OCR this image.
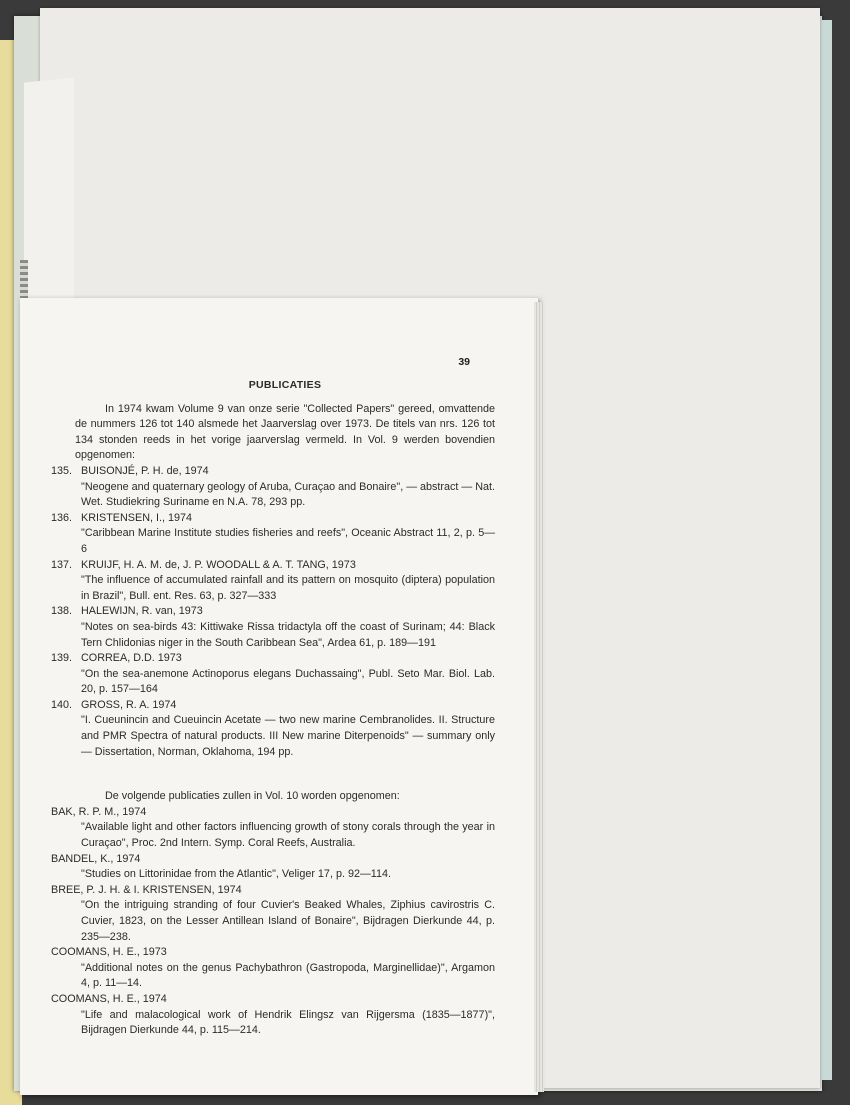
39
PUBLICATIES

In 1974 kwam Volume 9 van onze serie "Collected Papers" gereed, omvattende de nummers 126 tot 140 alsmede het Jaarverslag over 1973. De titels van nrs. 126 tot 134 stonden reeds in het vorige jaarverslag vermeld. In Vol. 9 werden bovendien opgenomen:

135. BUISONJÉ, P. H. de, 1974

"Neogene and quaternary geology of Aruba, Curaçao and Bonaire", — abstract — Nat. Wet. Studiekring Suriname en N.A. 78, 293 pp.

136. KRISTENSEN, I., 1974

"Caribbean Marine Institute studies fisheries and reefs", Oceanic Abstract 11, 2, p. 5—6

137. KRUIJF, H. A. M. de, J. P. WOODALL & A. T. TANG, 1973

"The influence of accumulated rainfall and its pattern on mosquito (diptera) population in Brazil", Bull. ent. Res. 63, p. 327—333

138. HALEWIJN, R. van, 1973

"Notes on sea-birds 43: Kittiwake Rissa tridactyla off the coast of Surinam; 44: Black Tern Chlidonias niger in the South Caribbean Sea", Ardea 61, p. 189—191

139. CORREA, D.D. 1973

"On the sea-anemone Actinoporus elegans Duchassaing", Publ. Seto Mar. Biol. Lab. 20, p. 157—164

140. GROSS, R. A. 1974

"I. Cueunincin and Cueuincin Acetate — two new marine Cembranolides. II. Structure and PMR Spectra of natural products. III New marine Diterpenoids" — summary only — Dissertation, Norman, Oklahoma, 194 pp.

De volgende publicaties zullen in Vol. 10 worden opgenomen:

BAK, R. P. M., 1974

"Available light and other factors influencing growth of stony corals through the year in Curaçao", Proc. 2nd Intern. Symp. Coral Reefs, Australia.

BANDEL, K., 1974

"Studies on Littorinidae from the Atlantic", Veliger 17, p. 92—114.

BREE, P. J. H. & I. KRISTENSEN, 1974

"On the intriguing stranding of four Cuvier's Beaked Whales, Ziphius cavirostris C. Cuvier, 1823, on the Lesser Antillean Island of Bonaire", Bijdragen Dierkunde 44, p. 235—238.

COOMANS, H. E., 1973

"Additional notes on the genus Pachybathron (Gastropoda, Marginellidae)", Argamon 4, p. 11—14.

COOMANS, H. E., 1974

"Life and malacological work of Hendrik Elingsz van Rijgersma (1835—1877)", Bijdragen Dierkunde 44, p. 115—214.
